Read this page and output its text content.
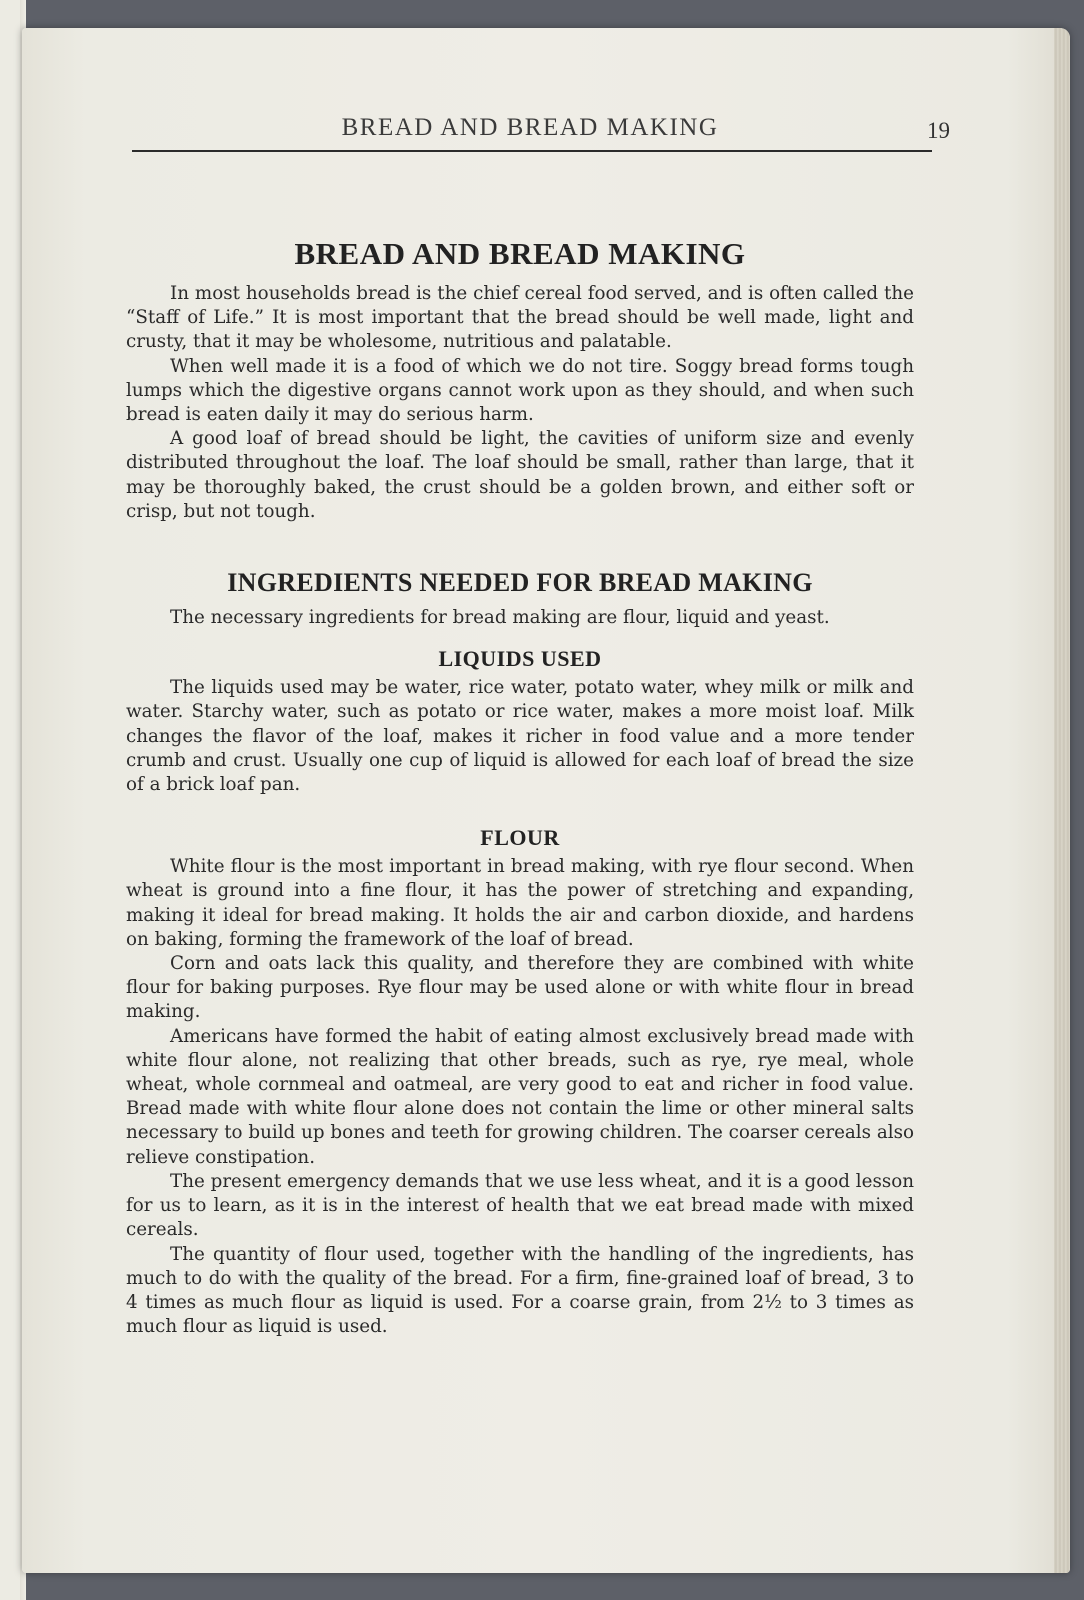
BREAD AND BREAD MAKING	19
BREAD AND BREAD MAKING

In most households bread is the chief cereal food served, and is often called the “Staff of Life.” It is most important that the bread should be well made, light and crusty, that it may be wholesome, nutritious and palatable.

When well made it is a food of which we do not tire. Soggy bread forms tough lumps which the digestive organs cannot work upon as they should, and when such bread is eaten daily it may do serious harm.

A good loaf of bread should be light, the cavities of uniform size and evenly distributed throughout the loaf. The loaf should be small, rather than large, that it may be thoroughly baked, the crust should be a golden brown, and either soft or crisp, but not tough.

INGREDIENTS NEEDED FOR BREAD MAKING

The necessary ingredients for bread making are flour, liquid and yeast.

LIQUIDS USED

The liquids used may be water, rice water, potato water, whey milk or milk and water. Starchy water, such as potato or rice water, makes a more moist loaf. Milk changes the flavor of the loaf, makes it richer in food value and a more tender crumb and crust. Usually one cup of liquid is allowed for each loaf of bread the size of a brick loaf pan.

FLOUR

White flour is the most important in bread making, with rye flour second. When wheat is ground into a fine flour, it has the power of stretching and expanding, making it ideal for bread making. It holds the air and carbon dioxide, and hardens on baking, forming the framework of the loaf of bread.

Corn and oats lack this quality, and therefore they are combined with white flour for baking purposes. Rye flour may be used alone or with white flour in bread making.

Americans have formed the habit of eating almost exclusively bread made with white flour alone, not realizing that other breads, such as rye, rye meal, whole wheat, whole cornmeal and oatmeal, are very good to eat and richer in food value. Bread made with white flour alone does not contain the lime or other mineral salts necessary to build up bones and teeth for growing children. The coarser cereals also relieve constipation.

The present emergency demands that we use less wheat, and it is a good lesson for us to learn, as it is in the interest of health that we eat bread made with mixed cereals.

The quantity of flour used, together with the handling of the ingredients, has much to do with the quality of the bread. For a firm, fine-grained loaf of bread, 3 to 4 times as much flour as liquid is used. For a coarse grain, from 2½ to 3 times as much flour as liquid is used.
